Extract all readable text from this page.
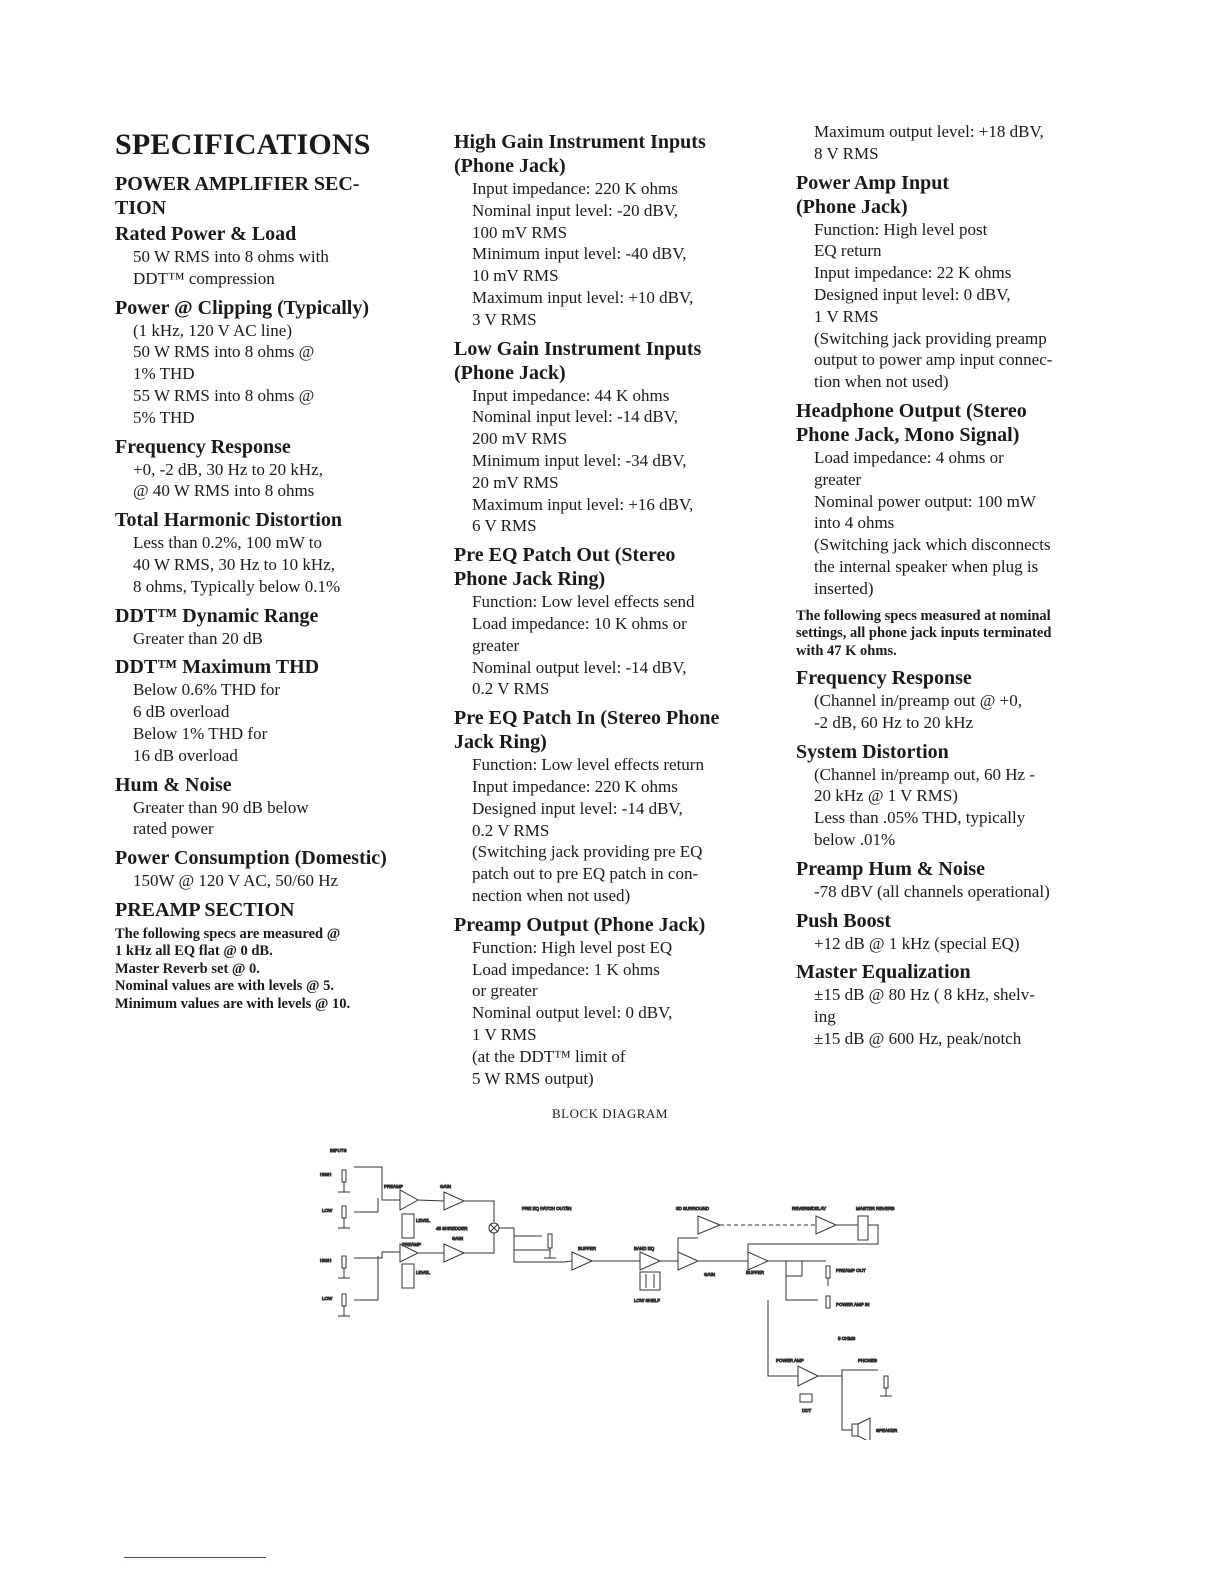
SPECIFICATIONS
POWER AMPLIFIER SEC-
TION
Rated Power & Load
50 W RMS into 8 ohms with
DDT™ compression
Power @ Clipping (Typically)
(1 kHz, 120 V AC line)
50 W RMS into 8 ohms @
1% THD
55 W RMS into 8 ohms @
5% THD
Frequency Response
+0, -2 dB, 30 Hz to 20 kHz,
@ 40 W RMS into 8 ohms
Total Harmonic Distortion
Less than 0.2%, 100 mW to
40 W RMS, 30 Hz to 10 kHz,
8 ohms, Typically below 0.1%
DDT™ Dynamic Range
Greater than 20 dB
DDT™ Maximum THD
Below 0.6% THD for
6 dB overload
Below 1% THD for
16 dB overload
Hum & Noise
Greater than 90 dB below
rated power
Power Consumption (Domestic)
150W @ 120 V AC, 50/60 Hz
PREAMP SECTION
The following specs are measured @
1 kHz all EQ flat @ 0 dB.
Master Reverb set @ 0.
Nominal values are with levels @ 5.
Minimum values are with levels @ 10.
High Gain Instrument Inputs
(Phone Jack)
Input impedance: 220 K ohms
Nominal input level: -20 dBV,
100 mV RMS
Minimum input level: -40 dBV,
10 mV RMS
Maximum input level: +10 dBV,
3 V RMS
Low Gain Instrument Inputs
(Phone Jack)
Input impedance: 44 K ohms
Nominal input level: -14 dBV,
200 mV RMS
Minimum input level: -34 dBV,
20 mV RMS
Maximum input level: +16 dBV,
6 V RMS
Pre EQ Patch Out (Stereo
Phone Jack Ring)
Function: Low level effects send
Load impedance: 10 K ohms or
greater
Nominal output level: -14 dBV,
0.2 V RMS
Pre EQ Patch In (Stereo Phone
Jack Ring)
Function: Low level effects return
Input impedance: 220 K ohms
Designed input level: -14 dBV,
0.2 V RMS
(Switching jack providing pre EQ
patch out to pre EQ patch in con-
nection when not used)
Preamp Output (Phone Jack)
Function: High level post EQ
Load impedance: 1 K ohms
or greater
Nominal output level: 0 dBV,
1 V RMS
(at the DDT™ limit of
5 W RMS output)
Maximum output level: +18 dBV,
8 V RMS
Power Amp Input
(Phone Jack)
Function: High level post
EQ return
Input impedance: 22 K ohms
Designed input level: 0 dBV,
1 V RMS
(Switching jack providing preamp
output to power amp input connec-
tion when not used)
Headphone Output (Stereo
Phone Jack, Mono Signal)
Load impedance: 4 ohms or
greater
Nominal power output: 100 mW
into 4 ohms
(Switching jack which disconnects
the internal speaker when plug is
inserted)
The following specs measured at nominal
settings, all phone jack inputs terminated
with 47 K ohms.
Frequency Response
(Channel in/preamp out @ +0,
-2 dB, 60 Hz to 20 kHz
System Distortion
(Channel in/preamp out, 60 Hz -
20 kHz @ 1 V RMS)
Less than .05% THD, typically
below .01%
Preamp Hum & Noise
-78 dBV (all channels operational)
Push Boost
+12 dB @ 1 kHz (special EQ)
Master Equalization
±15 dB @ 80 Hz ( 8 kHz, shelv-
ing
±15 dB @ 600 Hz, peak/notch
BLOCK DIAGRAM
INPUTS
HIGH
LOW
HIGH
LOW
PREAMP
LEVEL
GAIN
45 SHREDDER
PREAMP
LEVEL
GAIN
PRE EQ PATCH OUT/IN
BUFFER	BAND EQ
LOW SHELF
GAIN	BUFFER
3D SURROUND	REVERB/DELAY	MASTER REVERB
PREAMP OUT
POWER AMP IN
5 OHMS
POWER AMP
DDT
PHONES
SPEAKER
